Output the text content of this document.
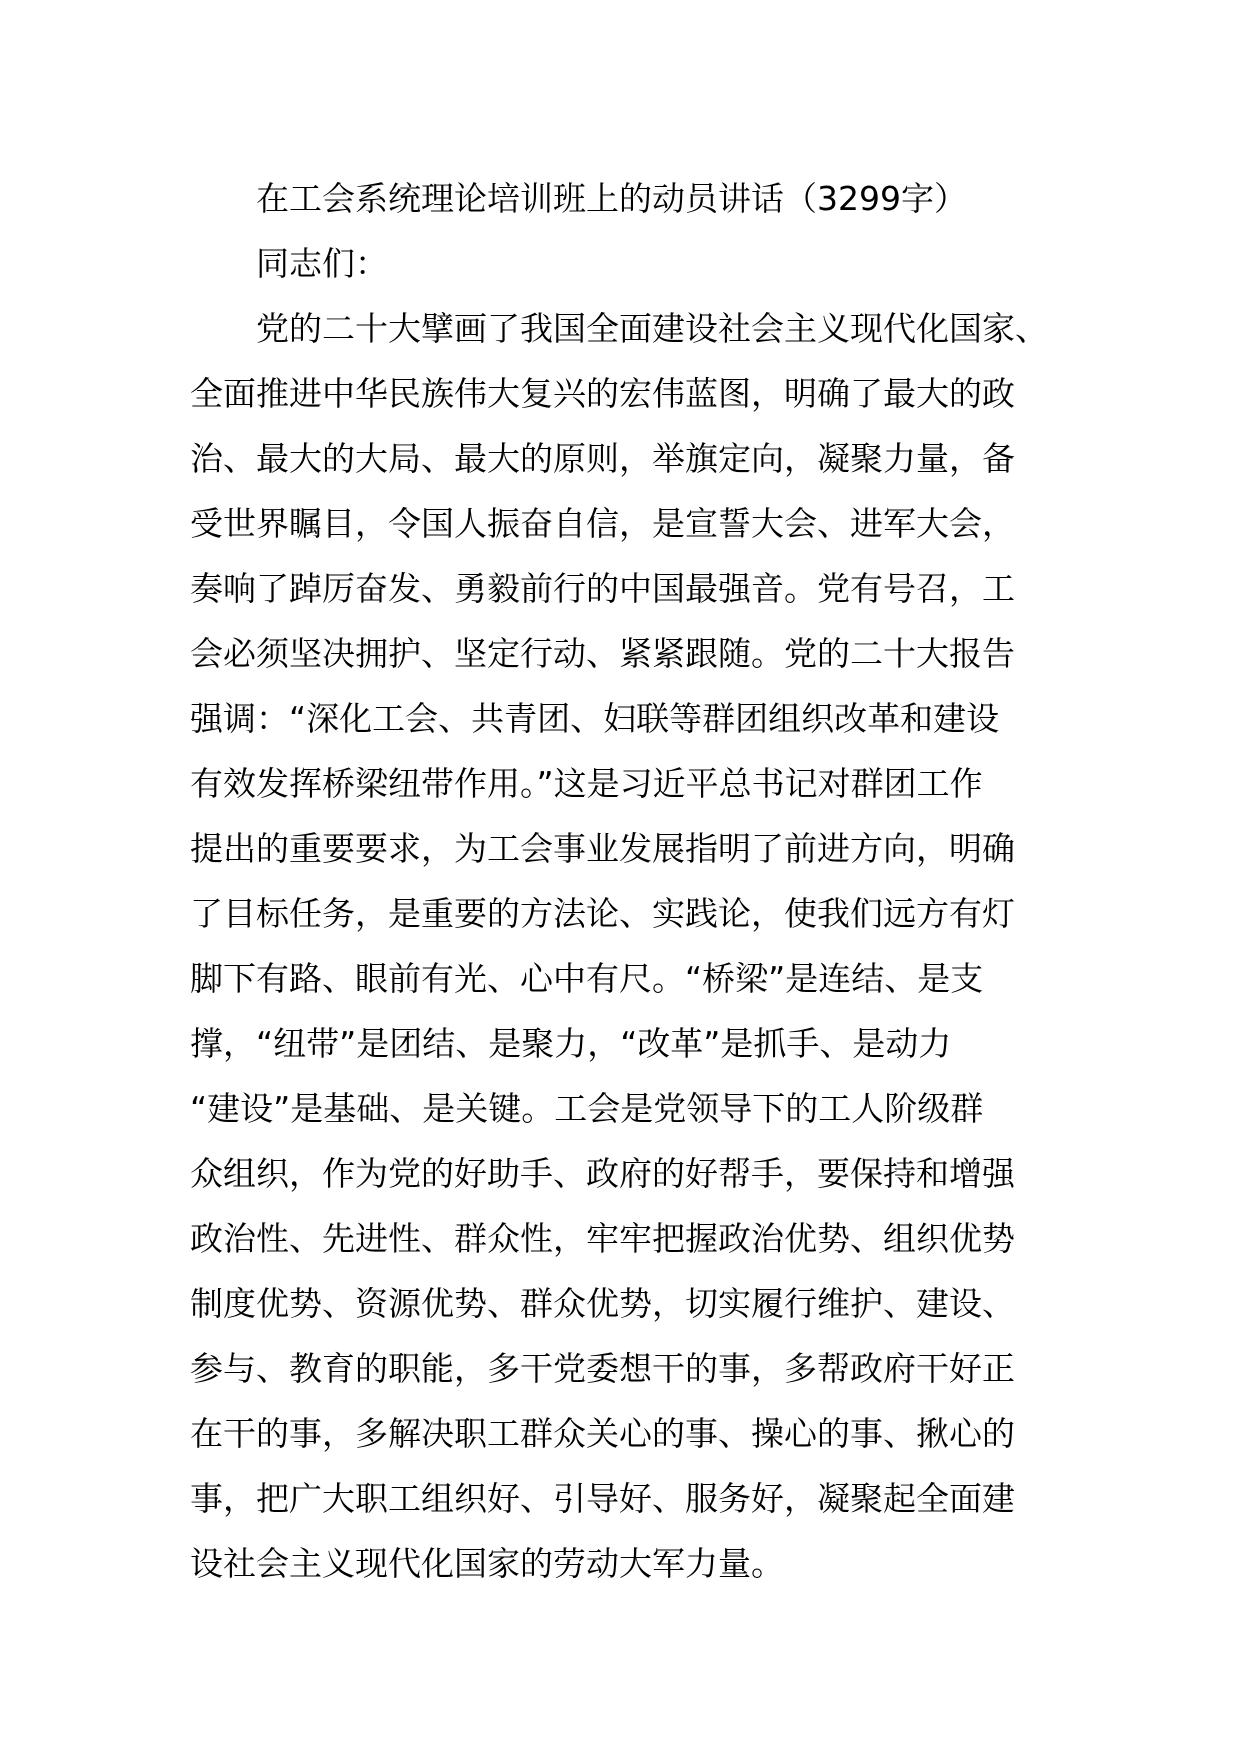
在工会系统理论培训班上的动员讲话（3299字）
同志们：
党的二十大擘画了我国全面建设社会主义现代化国家、
全面推进中华民族伟大复兴的宏伟蓝图，明确了最大的政
治、最大的大局、最大的原则，举旗定向，凝聚力量，备
受世界瞩目，令国人振奋自信，是宣誓大会、进军大会，
奏响了踔厉奋发、勇毅前行的中国最强音。党有号召，工
会必须坚决拥护、坚定行动、紧紧跟随。党的二十大报告
强调：“深化工会、共青团、妇联等群团组织改革和建设
有效发挥桥梁纽带作用。”这是习近平总书记对群团工作
提出的重要要求，为工会事业发展指明了前进方向，明确
了目标任务，是重要的方法论、实践论，使我们远方有灯
脚下有路、眼前有光、心中有尺。“桥梁”是连结、是支
撑，“纽带”是团结、是聚力，“改革”是抓手、是动力
“建设”是基础、是关键。工会是党领导下的工人阶级群
众组织，作为党的好助手、政府的好帮手，要保持和增强
政治性、先进性、群众性，牢牢把握政治优势、组织优势
制度优势、资源优势、群众优势，切实履行维护、建设、
参与、教育的职能，多干党委想干的事，多帮政府干好正
在干的事，多解决职工群众关心的事、操心的事、揪心的
事，把广大职工组织好、引导好、服务好，凝聚起全面建
设社会主义现代化国家的劳动大军力量。
